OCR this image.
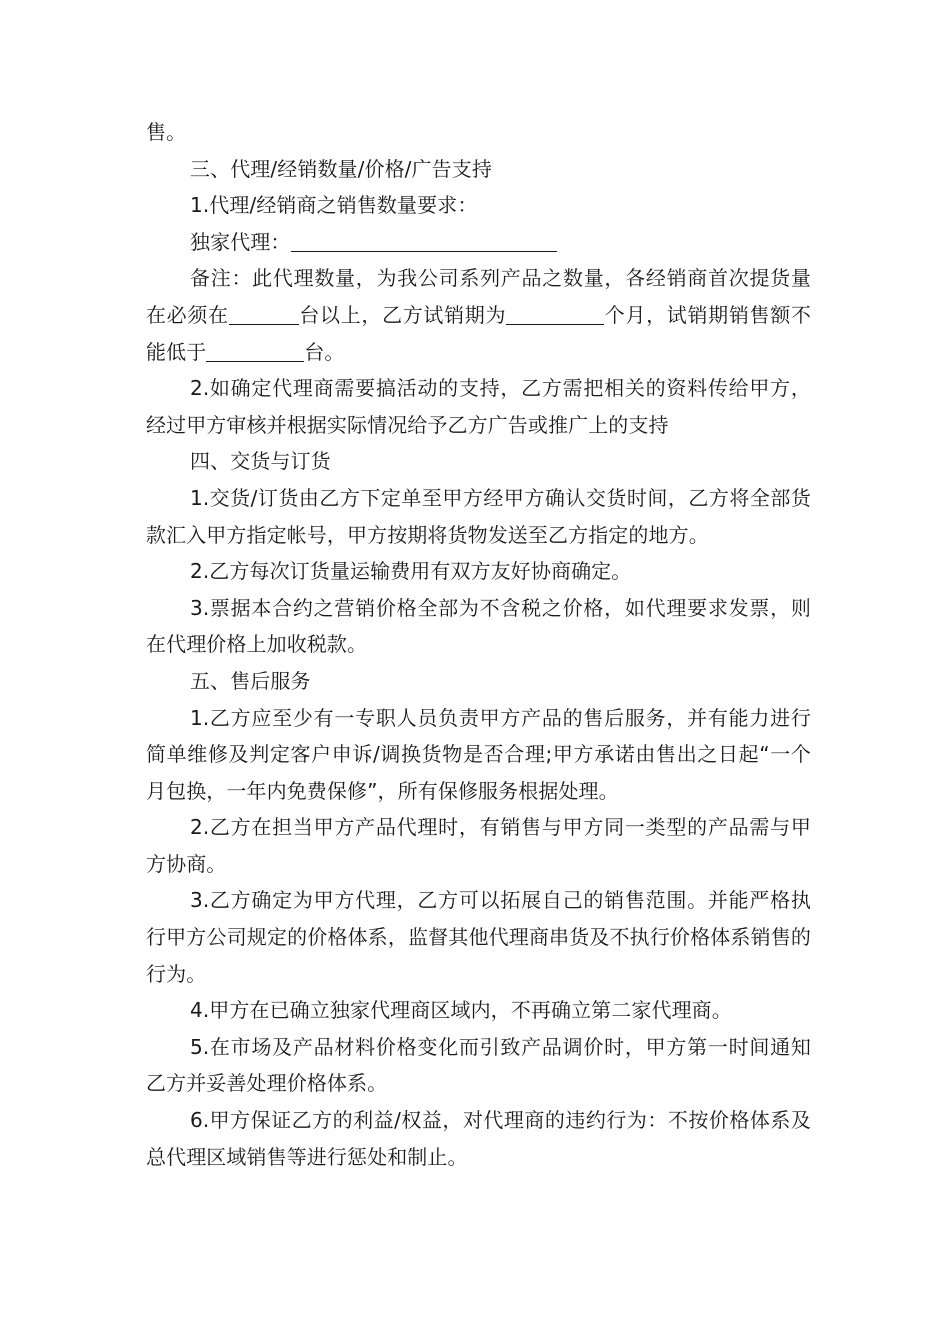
售。

三、代理/经销数量/价格/广告支持

1.代理/经销商之销售数量要求：

独家代理：

备注：此代理数量，为我公司系列产品之数量，各经销商首次提货量在必须在	台以上，乙方试销期为	个月，试销期销售额不能低于	台。

2.如确定代理商需要搞活动的支持，乙方需把相关的资料传给甲方，经过甲方审核并根据实际情况给予乙方广告或推广上的支持

四、交货与订货

1.交货/订货由乙方下定单至甲方经甲方确认交货时间，乙方将全部货款汇入甲方指定帐号，甲方按期将货物发送至乙方指定的地方。

2.乙方每次订货量运输费用有双方友好协商确定。

3.票据本合约之营销价格全部为不含税之价格，如代理要求发票，则在代理价格上加收税款。

五、售后服务

1.乙方应至少有一专职人员负责甲方产品的售后服务，并有能力进行简单维修及判定客户申诉/调换货物是否合理;甲方承诺由售出之日起“一个月包换，一年内免费保修”，所有保修服务根据处理。

2.乙方在担当甲方产品代理时，有销售与甲方同一类型的产品需与甲方协商。

3.乙方确定为甲方代理，乙方可以拓展自己的销售范围。并能严格执行甲方公司规定的价格体系，监督其他代理商串货及不执行价格体系销售的行为。

4.甲方在已确立独家代理商区域内，不再确立第二家代理商。

5.在市场及产品材料价格变化而引致产品调价时，甲方第一时间通知乙方并妥善处理价格体系。

6.甲方保证乙方的利益/权益，对代理商的违约行为：不按价格体系及总代理区域销售等进行惩处和制止。
